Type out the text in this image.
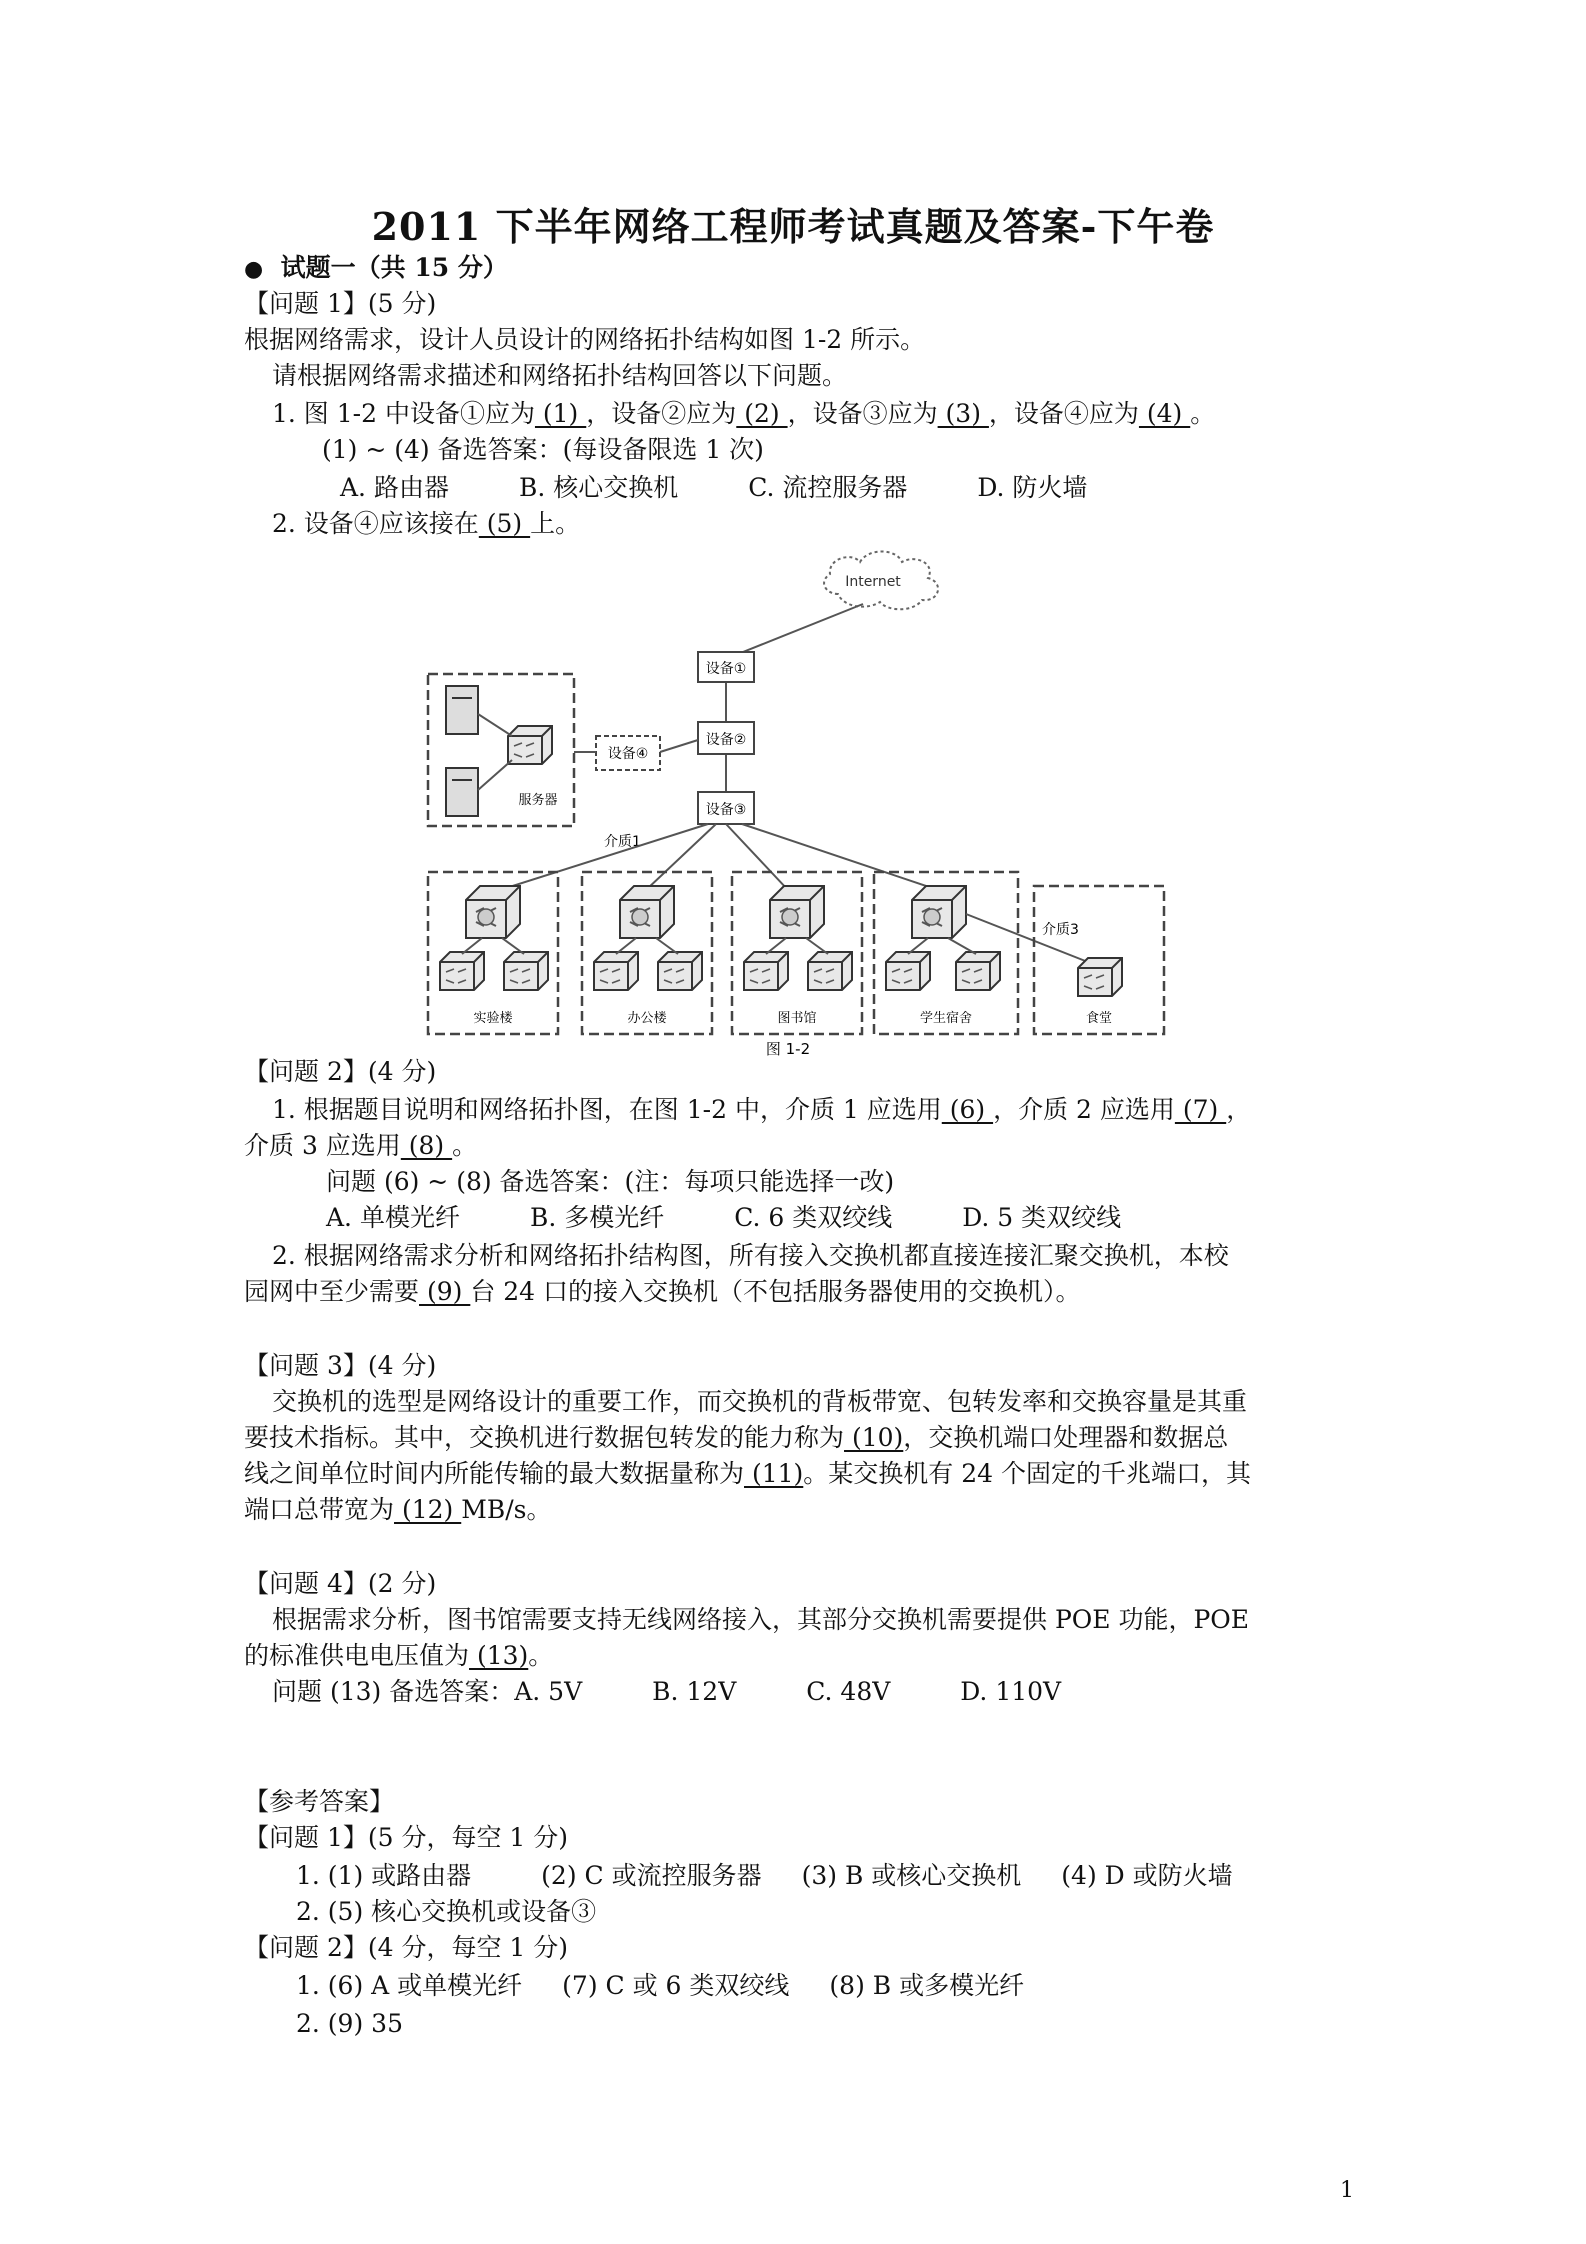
2011 下半年网络工程师考试真题及答案-下午卷
● 试题一（共 15 分）
【问题 1】(5 分)
根据网络需求，设计人员设计的网络拓扑结构如图 1-2 所示。
请根据网络需求描述和网络拓扑结构回答以下问题。
1. 图 1-2 中设备①应为 (1) ，设备②应为 (2) ，设备③应为 (3) ，设备④应为 (4) 。
(1) ~ (4) 备选答案：(每设备限选 1 次)
A. 路由器	B. 核心交换机	C. 流控服务器	D. 防火墙
2. 设备④应该接在 (5) 上。
Internet
设备①
设备②
设备③
设备④
服务器
介质1
介质3
实验楼	办公楼	图书馆	学生宿舍	食堂
图 1-2
【问题 2】(4 分)
1. 根据题目说明和网络拓扑图，在图 1-2 中，介质 1 应选用 (6) ，介质 2 应选用 (7) ，
介质 3 应选用 (8) 。
问题 (6) ~ (8) 备选答案：(注：每项只能选择一改)
A. 单模光纤	B. 多模光纤	C. 6 类双绞线	D. 5 类双绞线
2. 根据网络需求分析和网络拓扑结构图，所有接入交换机都直接连接汇聚交换机，本校
园网中至少需要 (9) 台 24 口的接入交换机（不包括服务器使用的交换机）。
【问题 3】(4 分)
交换机的选型是网络设计的重要工作，而交换机的背板带宽、包转发率和交换容量是其重
要技术指标。其中，交换机进行数据包转发的能力称为 (10)，交换机端口处理器和数据总
线之间单位时间内所能传输的最大数据量称为 (11)。某交换机有 24 个固定的千兆端口，其
端口总带宽为 (12) MB/s。
【问题 4】(2 分)
根据需求分析，图书馆需要支持无线网络接入，其部分交换机需要提供 POE 功能，POE
的标准供电电压值为 (13)。
问题 (13) 备选答案：A. 5V	B. 12V	C. 48V	D. 110V
【参考答案】
【问题 1】(5 分，每空 1 分)
1. (1) 或路由器	(2) C 或流控服务器 (3) B 或核心交换机 (4) D 或防火墙
2. (5) 核心交换机或设备③
【问题 2】(4 分，每空 1 分)
1. (6) A 或单模光纤 (7) C 或 6 类双绞线 (8) B 或多模光纤
2. (9) 35
1
